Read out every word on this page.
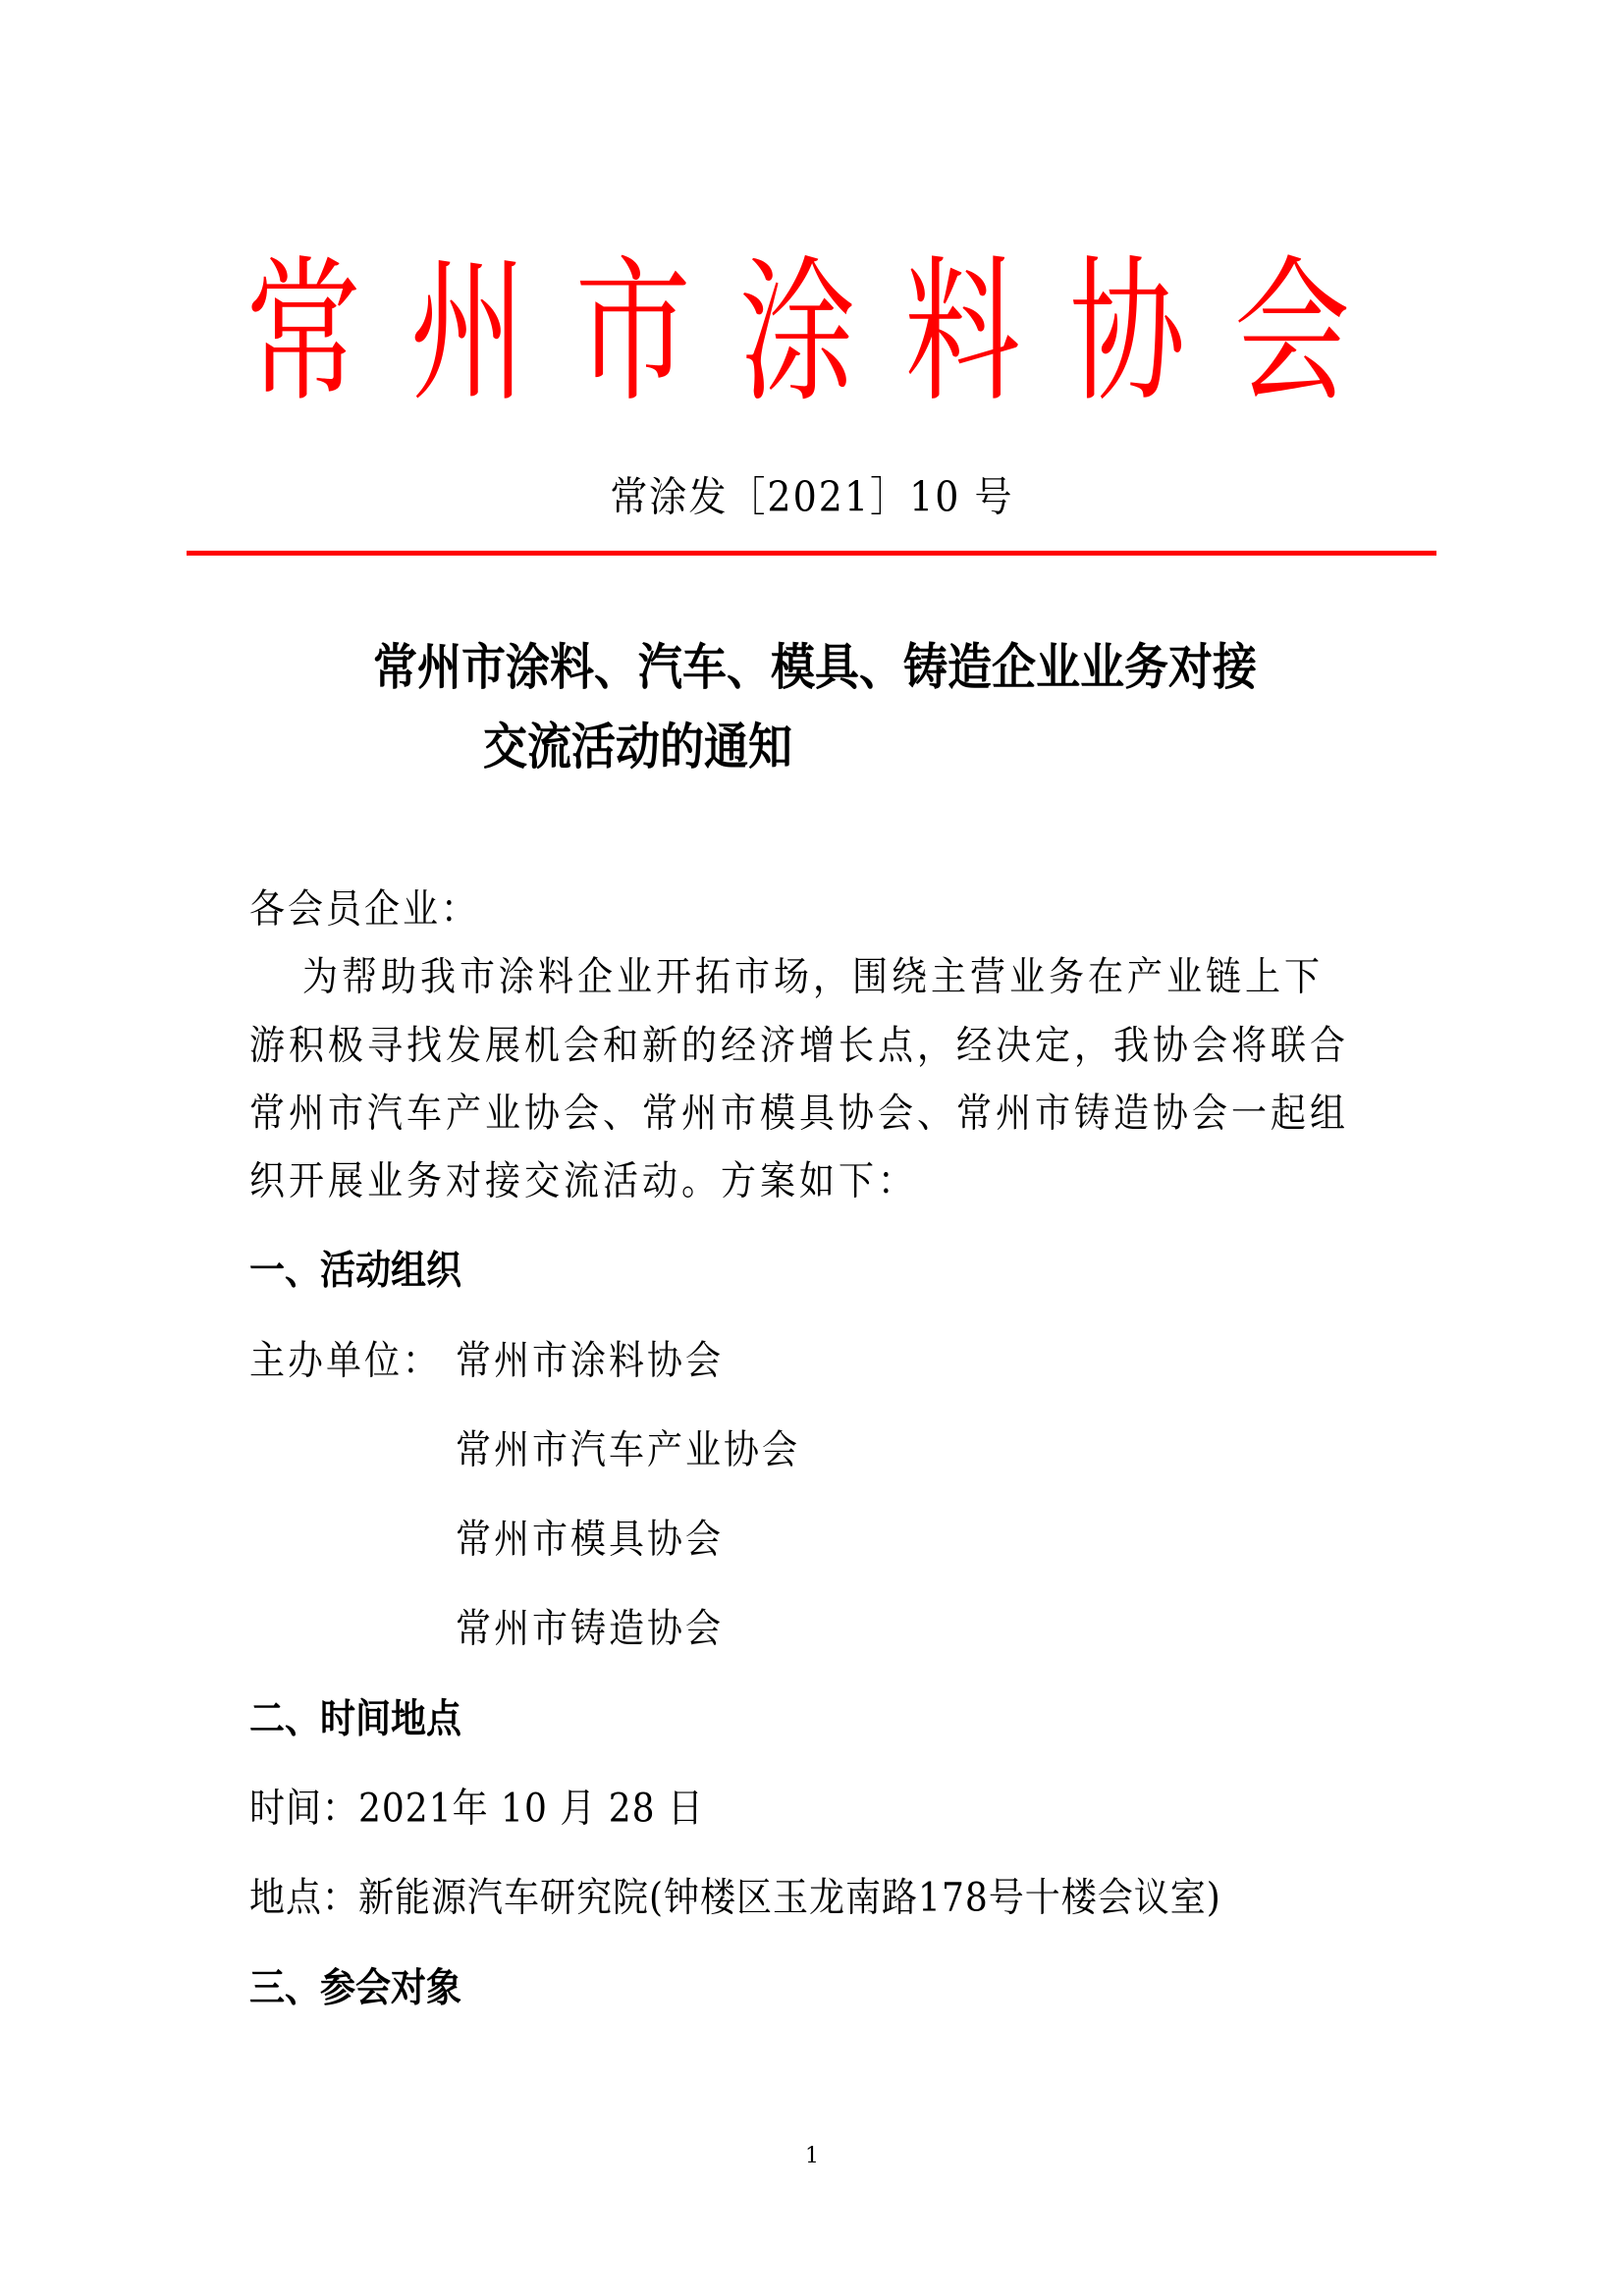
常 州 市 涂 料 协 会
常涂发［2021］10 号
常州市涂料、汽车、模具、铸造企业业务对接
交流活动的通知
各会员企业：
为帮助我市涂料企业开拓市场，围绕主营业务在产业链上下
游积极寻找发展机会和新的经济增长点，经决定，我协会将联合
常州市汽车产业协会、常州市模具协会、常州市铸造协会一起组
织开展业务对接交流活动。方案如下：
一、活动组织
主办单位： 常州市涂料协会
常州市汽车产业协会
常州市模具协会
常州市铸造协会
二、时间地点
时间：2021年 10 月 28 日
地点：新能源汽车研究院(钟楼区玉龙南路178号十楼会议室)
三、参会对象
1
